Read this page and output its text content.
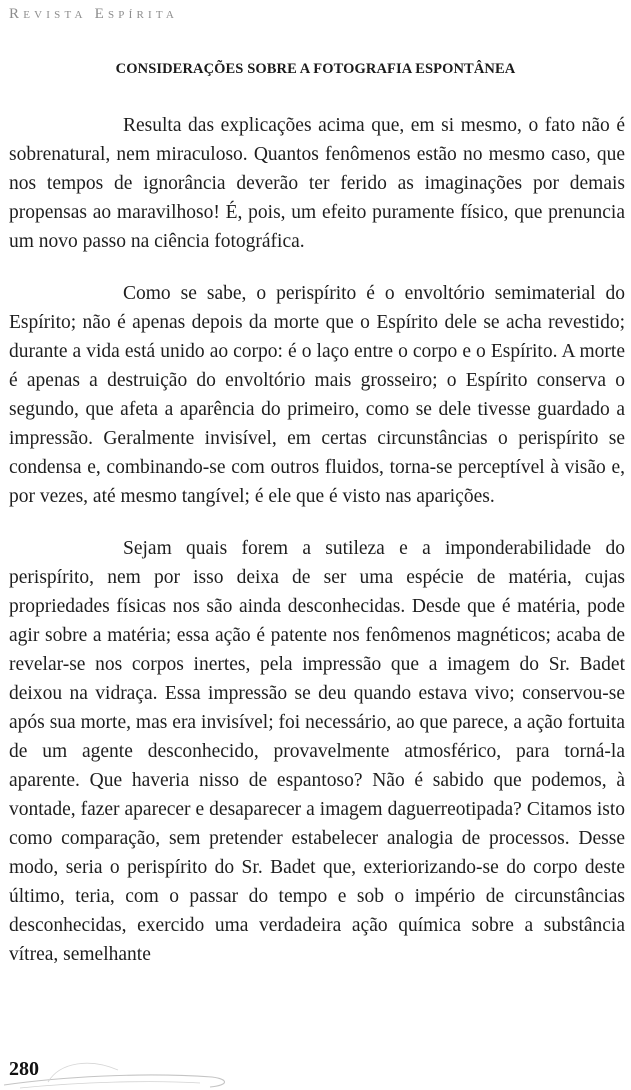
Revista Espírita
CONSIDERAÇÕES SOBRE A FOTOGRAFIA ESPONTÂNEA

Resulta das explicações acima que, em si mesmo, o fato não é sobrenatural, nem miraculoso. Quantos fenômenos estão no mesmo caso, que nos tempos de ignorância deverão ter ferido as imaginações por demais propensas ao maravilhoso! É, pois, um efeito puramente físico, que prenuncia um novo passo na ciência fotográfica.

Como se sabe, o perispírito é o envoltório semimaterial do Espírito; não é apenas depois da morte que o Espírito dele se acha revestido; durante a vida está unido ao corpo: é o laço entre o corpo e o Espírito. A morte é apenas a destruição do envoltório mais grosseiro; o Espírito conserva o segundo, que afeta a aparência do primeiro, como se dele tivesse guardado a impressão. Geralmente invisível, em certas circunstâncias o perispírito se condensa e, combinando-se com outros fluidos, torna-se perceptível à visão e, por vezes, até mesmo tangível; é ele que é visto nas aparições.

Sejam quais forem a sutileza e a imponderabilidade do perispírito, nem por isso deixa de ser uma espécie de matéria, cujas propriedades físicas nos são ainda desconhecidas. Desde que é matéria, pode agir sobre a matéria; essa ação é patente nos fenômenos magnéticos; acaba de revelar-se nos corpos inertes, pela impressão que a imagem do Sr. Badet deixou na vidraça. Essa impressão se deu quando estava vivo; conservou-se após sua morte, mas era invisível; foi necessário, ao que parece, a ação fortuita de um agente desconhecido, provavelmente atmosférico, para torná-la aparente. Que haveria nisso de espantoso? Não é sabido que podemos, à vontade, fazer aparecer e desaparecer a imagem daguerreotipada? Citamos isto como comparação, sem pretender estabelecer analogia de processos. Desse modo, seria o perispírito do Sr. Badet que, exteriorizando-se do corpo deste último, teria, com o passar do tempo e sob o império de circunstâncias desconhecidas, exercido uma verdadeira ação química sobre a substância vítrea, semelhante

280
